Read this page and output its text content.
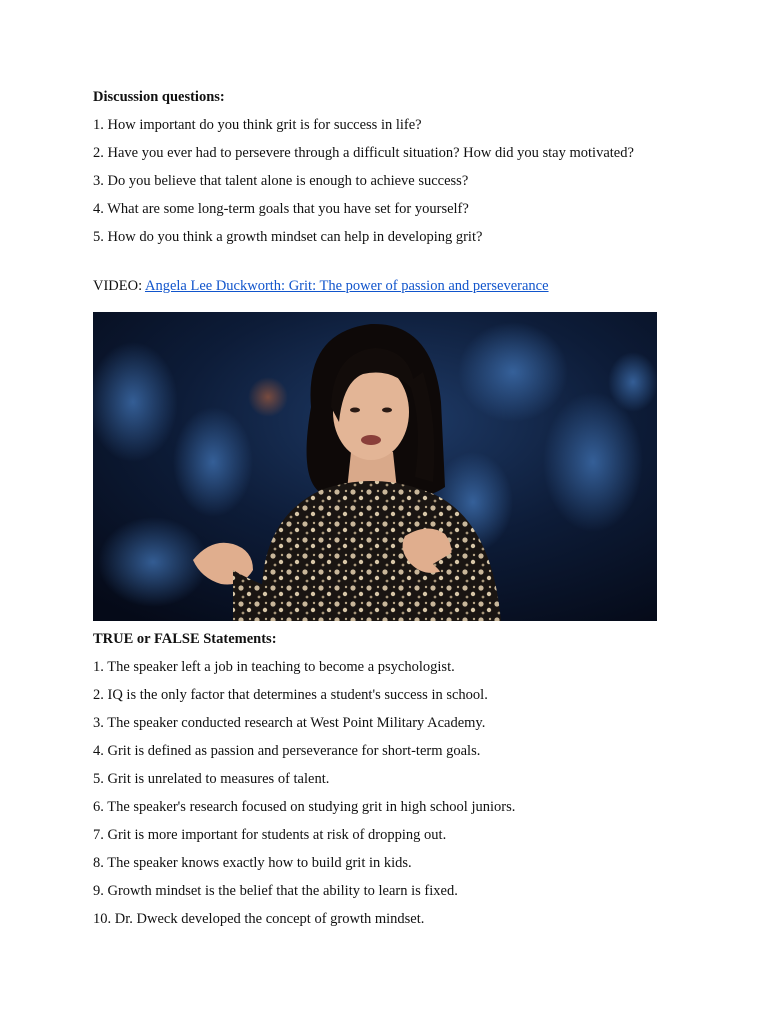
Discussion questions:

1. How important do you think grit is for success in life?

2. Have you ever had to persevere through a difficult situation? How did you stay motivated?

3. Do you believe that talent alone is enough to achieve success?

4. What are some long-term goals that you have set for yourself?

5. How do you think a growth mindset can help in developing grit?

VIDEO: Angela Lee Duckworth: Grit: The power of passion and perseverance

TRUE or FALSE Statements:

1. The speaker left a job in teaching to become a psychologist.

2. IQ is the only factor that determines a student's success in school.

3. The speaker conducted research at West Point Military Academy.

4. Grit is defined as passion and perseverance for short-term goals.

5. Grit is unrelated to measures of talent.

6. The speaker's research focused on studying grit in high school juniors.

7. Grit is more important for students at risk of dropping out.

8. The speaker knows exactly how to build grit in kids.

9. Growth mindset is the belief that the ability to learn is fixed.

10. Dr. Dweck developed the concept of growth mindset.
